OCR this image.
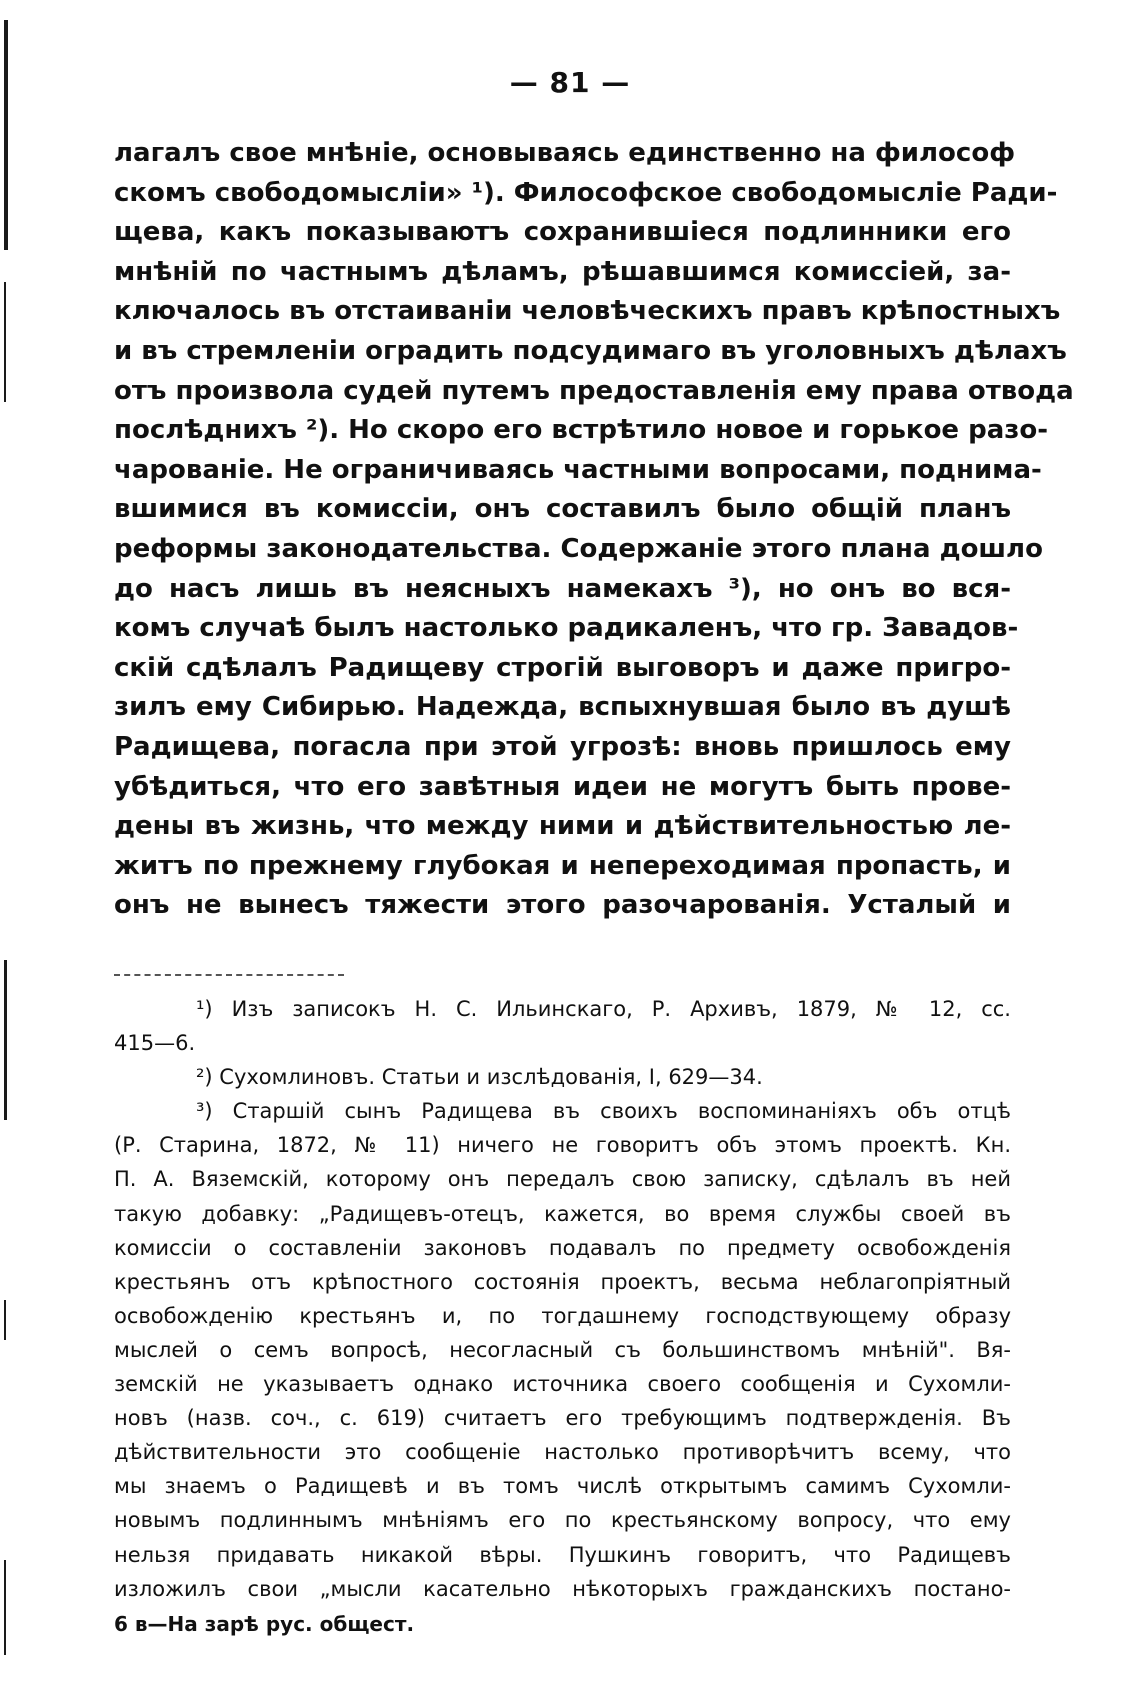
— 81 —
лагалъ свое мнѣніе, основываясь единственно на философ
скомъ свободомысліи» ¹). Философское свободомысліе Ради-
щева, какъ показываютъ сохранившіеся подлинники его
мнѣній по частнымъ дѣламъ, рѣшавшимся комиссіей, за-
ключалось въ отстаиваніи человѣческихъ правъ крѣпостныхъ
и въ стремленіи оградить подсудимаго въ уголовныхъ дѣлахъ
отъ произвола судей путемъ предоставленія ему права отвода
послѣднихъ ²). Но скоро его встрѣтило новое и горькое разо-
чарованіе. Не ограничиваясь частными вопросами, поднима-
вшимися въ комиссіи, онъ составилъ было общій планъ
реформы законодательства. Содержаніе этого плана дошло
до насъ лишь въ неясныхъ намекахъ ³), но онъ во вся-
комъ случаѣ былъ настолько радикаленъ, что гр. Завадов-
скій сдѣлалъ Радищеву строгій выговоръ и даже пригро-
зилъ ему Сибирью. Надежда, вспыхнувшая было въ душѣ
Радищева, погасла при этой угрозѣ: вновь пришлось ему
убѣдиться, что его завѣтныя идеи не могутъ быть прове-
дены въ жизнь, что между ними и дѣйствительностью ле-
житъ по прежнему глубокая и непереходимая пропасть, и
онъ не вынесъ тяжести этого разочарованія. Усталый и
¹) Изъ записокъ Н. С. Ильинскаго, Р. Архивъ, 1879, № 12, сс.
415—6.
²) Сухомлиновъ. Статьи и изслѣдованія, I, 629—34.
³) Старшій сынъ Радищева въ своихъ воспоминаніяхъ объ отцѣ
(Р. Старина, 1872, № 11) ничего не говоритъ объ этомъ проектѣ. Кн.
П. А. Вяземскій, которому онъ передалъ свою записку, сдѣлалъ въ ней
такую добавку: „Радищевъ-отецъ, кажется, во время службы своей въ
комиссіи о составленіи законовъ подавалъ по предмету освобожденія
крестьянъ отъ крѣпостного состоянія проектъ, весьма неблагопріятный
освобожденію крестьянъ и, по тогдашнему господствующему образу
мыслей о семъ вопросѣ, несогласный съ большинствомъ мнѣній". Вя-
земскій не указываетъ однако источника своего сообщенія и Сухомли-
новъ (назв. соч., с. 619) считаетъ его требующимъ подтвержденія. Въ
дѣйствительности это сообщеніе настолько противорѣчитъ всему, что
мы знаемъ о Радищевѣ и въ томъ числѣ открытымъ самимъ Сухомли-
новымъ подлиннымъ мнѣніямъ его по крестьянскому вопросу, что ему
нельзя придавать никакой вѣры. Пушкинъ говоритъ, что Радищевъ
изложилъ свои „мысли касательно нѣкоторыхъ гражданскихъ постано-
6 в—На зарѣ рус. общест.
